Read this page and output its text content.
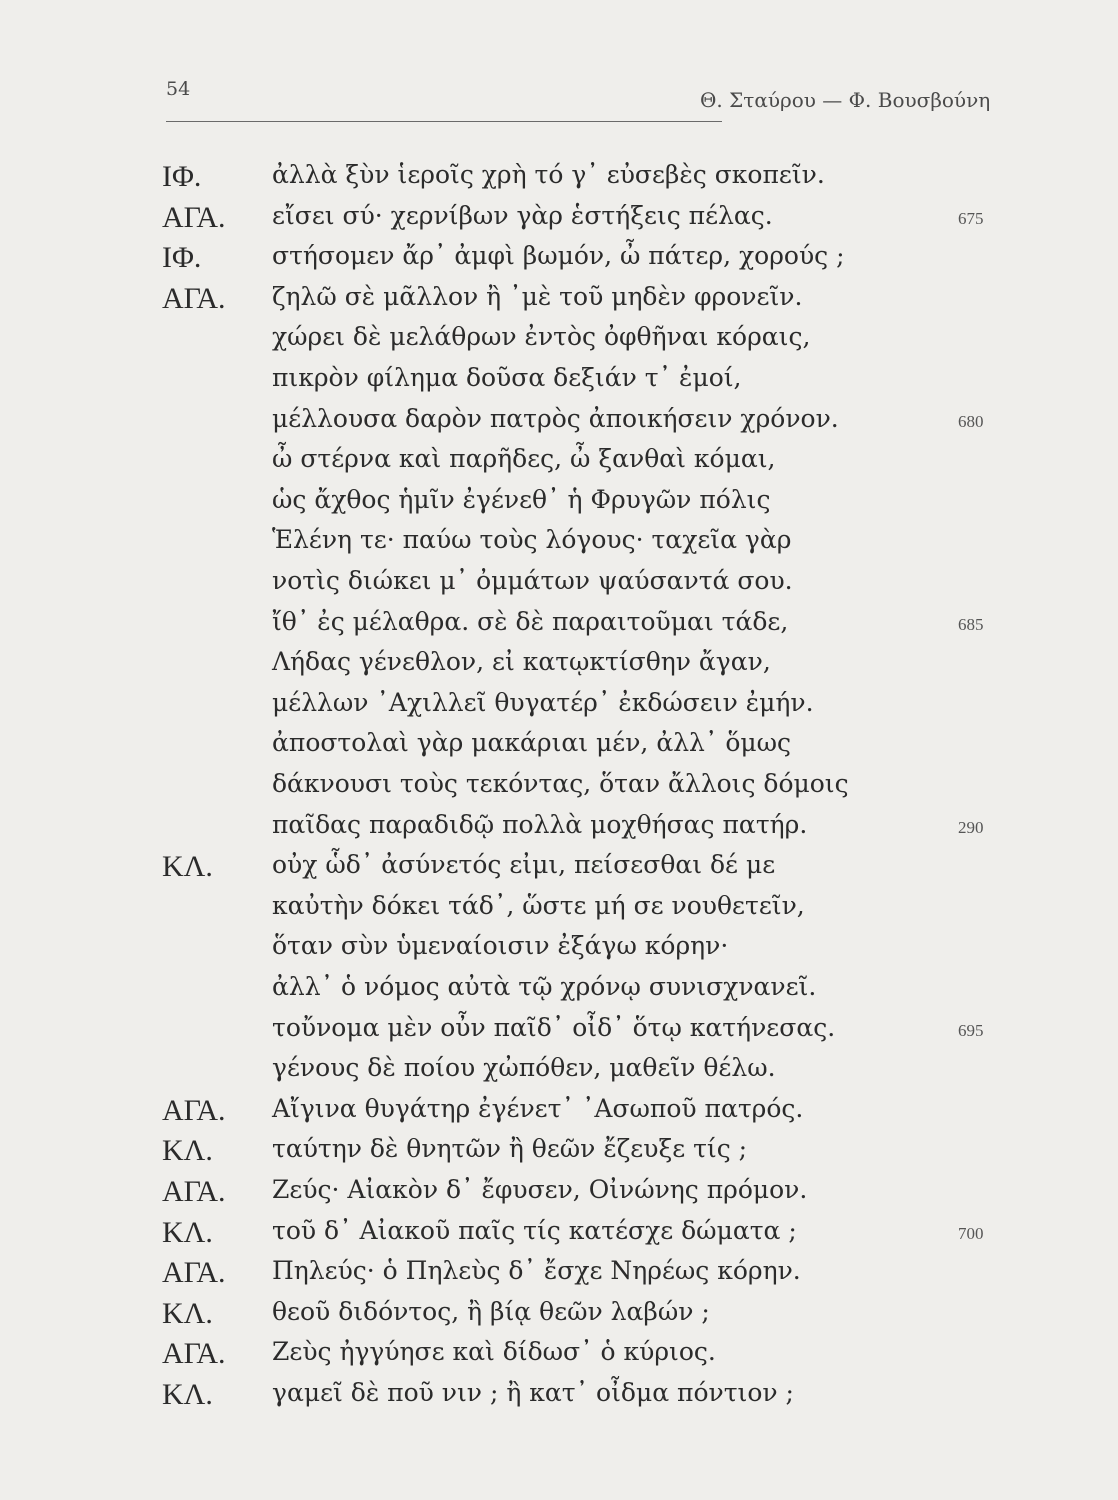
54	Θ. Σταύρου — Φ. Βουσβούνη
ΙΦ.	ἀλλὰ ξὺν ἱεροῖς χρὴ τό γ᾽ εὐσεβὲς σκοπεῖν.
ΑΓΑ. εἴσει σύ· χερνίβων γὰρ ἑστήξεις πέλας.	675
ΙΦ.	στήσομεν ἄρ᾽ ἀμφὶ βωμόν, ὦ πάτερ, χορούς ;
ΑΓΑ. ζηλῶ σὲ μᾶλλον ἢ ᾽μὲ τοῦ μηδὲν φρονεῖν.
χώρει δὲ μελάθρων ἐντὸς ὀφθῆναι κόραις,
πικρὸν φίλημα δοῦσα δεξιάν τ᾽ ἐμοί,
μέλλουσα δαρὸν πατρὸς ἀποικήσειν χρόνον.	680
ὦ στέρνα καὶ παρῆδες, ὦ ξανθαὶ κόμαι,
ὡς ἄχθος ἡμῖν ἐγένεθ᾽ ἡ Φρυγῶν πόλις
Ἑλένη τε· παύω τοὺς λόγους· ταχεῖα γὰρ
νοτὶς διώκει μ᾽ ὀμμάτων ψαύσαντά σου.
ἴθ᾽ ἐς μέλαθρα. σὲ δὲ παραιτοῦμαι τάδε,	685
Λήδας γένεθλον, εἰ κατῳκτίσθην ἄγαν,
μέλλων ᾽Αχιλλεῖ θυγατέρ᾽ ἐκδώσειν ἐμήν.
ἀποστολαὶ γὰρ μακάριαι μέν, ἀλλ᾽ ὅμως
δάκνουσι τοὺς τεκόντας, ὅταν ἄλλοις δόμοις
παῖδας παραδιδῷ πολλὰ μοχθήσας πατήρ.	290
ΚΛ. οὐχ ὧδ᾽ ἀσύνετός εἰμι, πείσεσθαι δέ με
καὐτὴν δόκει τάδ᾽, ὥστε μή σε νουθετεῖν,
ὅταν σὺν ὑμεναίοισιν ἐξάγω κόρην·
ἀλλ᾽ ὁ νόμος αὐτὰ τῷ χρόνῳ συνισχνανεῖ.
τοὔνομα μὲν οὖν παῖδ᾽ οἶδ᾽ ὅτῳ κατήνεσας.	695
γένους δὲ ποίου χὠπόθεν, μαθεῖν θέλω.
ΑΓΑ. Αἴγινα θυγάτηρ ἐγένετ᾽ ᾽Ασωποῦ πατρός.
ΚΛ. ταύτην δὲ θνητῶν ἢ θεῶν ἔζευξε τίς ;
ΑΓΑ. Ζεύς· Αἰακὸν δ᾽ ἔφυσεν, Οἰνώνης πρόμον.
ΚΛ. τοῦ δ᾽ Αἰακοῦ παῖς τίς κατέσχε δώματα ;	700
ΑΓΑ. Πηλεύς· ὁ Πηλεὺς δ᾽ ἔσχε Νηρέως κόρην.
ΚΛ. θεοῦ διδόντος, ἢ βίᾳ θεῶν λαβών ;
ΑΓΑ. Ζεὺς ἠγγύησε καὶ δίδωσ᾽ ὁ κύριος.
ΚΛ. γαμεῖ δὲ ποῦ νιν ; ἢ κατ᾽ οἶδμα πόντιον ;
